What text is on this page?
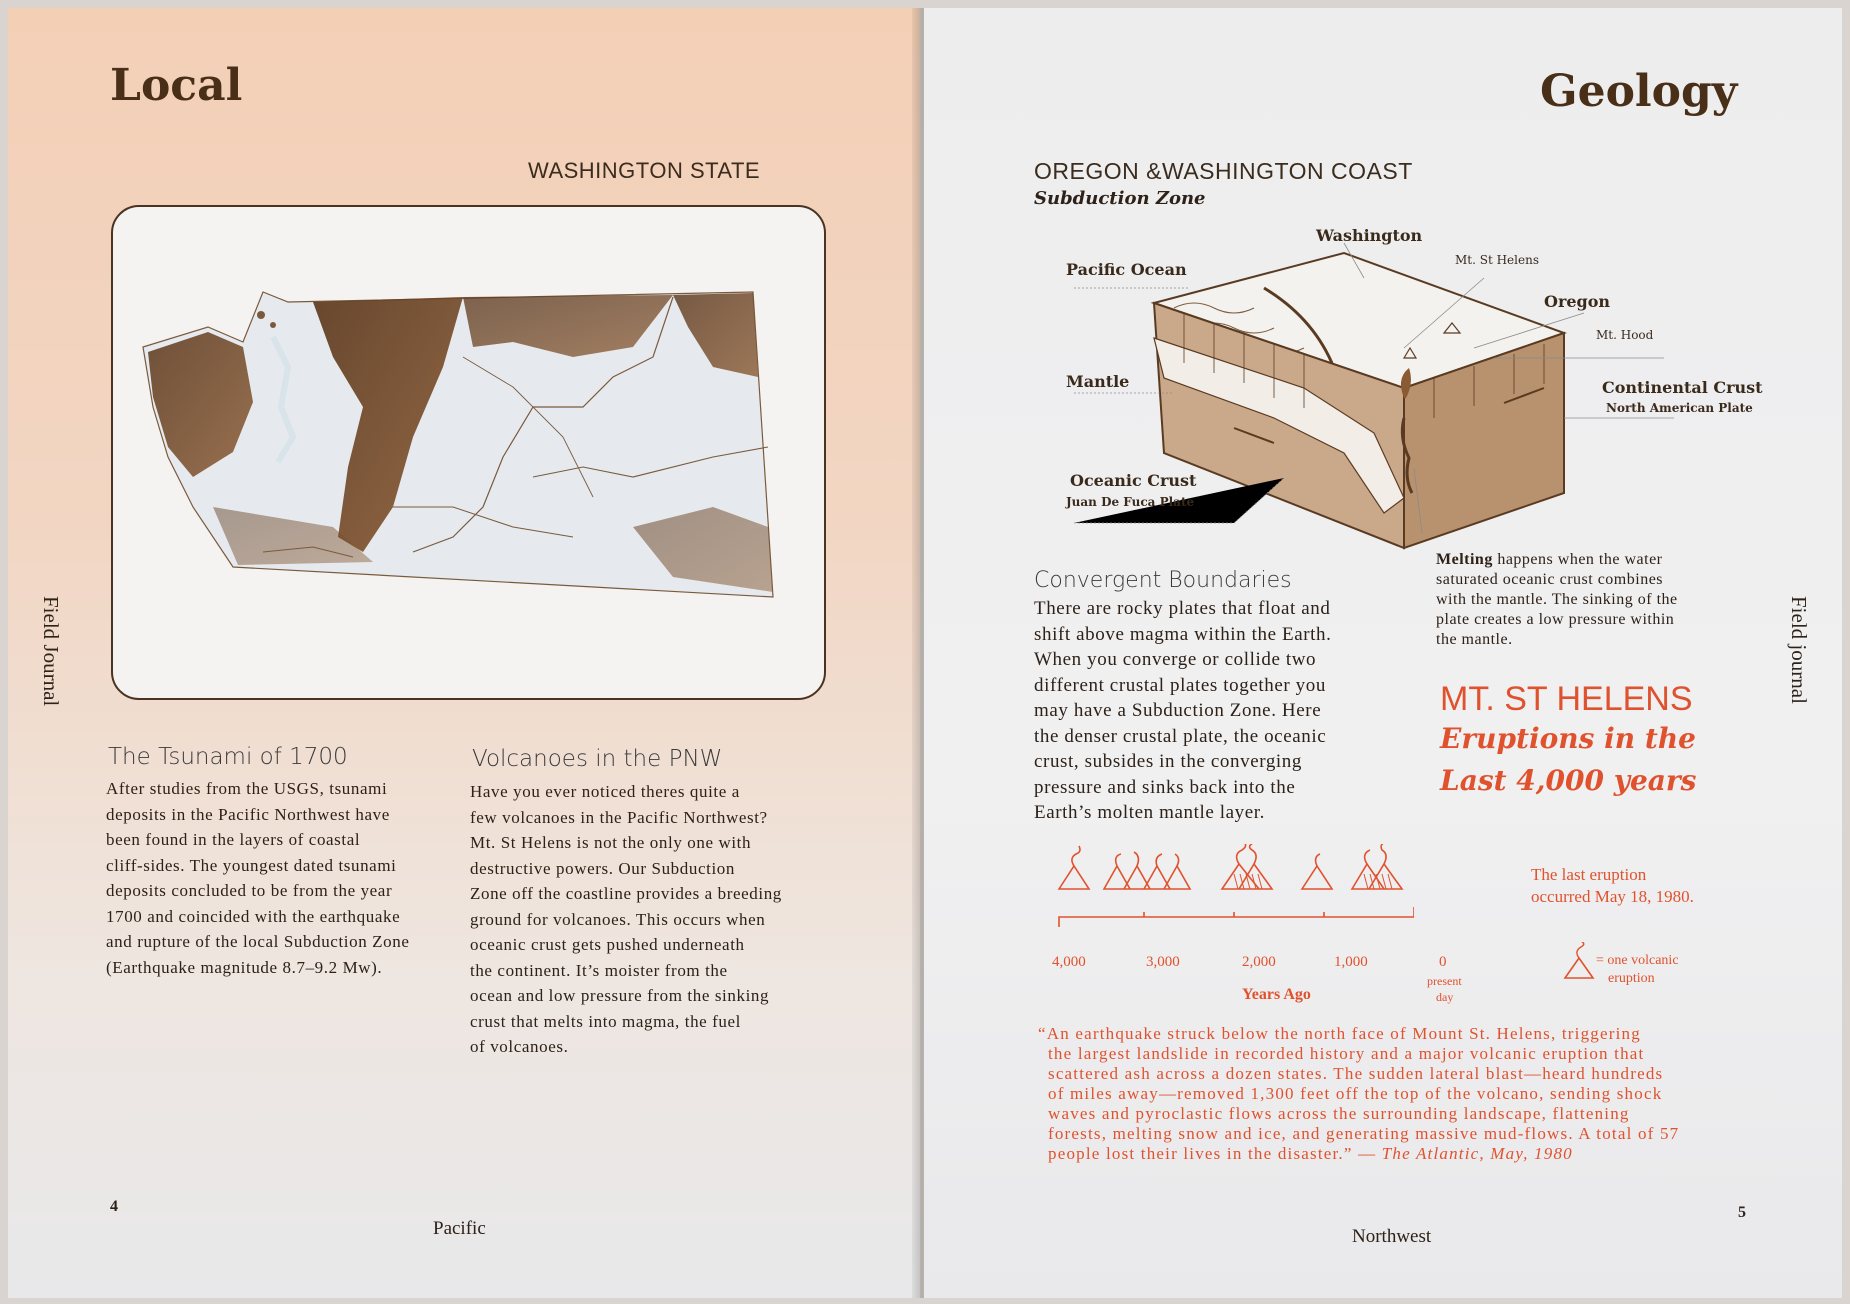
Local
WASHINGTON STATE
Field Journal
The Tsunami of 1700
After studies from the USGS, tsunami
deposits in the Pacific Northwest have
been found in the layers of coastal
cliff-sides. The youngest dated tsunami
deposits concluded to be from the year
1700 and coincided with the earthquake
and rupture of the local Subduction Zone
(Earthquake magnitude 8.7–9.2 Mw).
Volcanoes in the PNW
Have you ever noticed theres quite a
few volcanoes in the Pacific Northwest?
Mt. St Helens is not the only one with
destructive powers. Our Subduction
Zone off the coastline provides a breeding
ground for volcanoes. This occurs when
oceanic crust gets pushed underneath
the continent. It’s moister from the
ocean and low pressure from the sinking
crust that melts into magma, the fuel
of volcanoes.
4
Pacific
Geology
OREGON &WASHINGTON COAST
Subduction Zone
Washington
Mt. St Helens
Pacific Ocean
Oregon
Mt. Hood
Mantle	Continental Crust
North American Plate
Oceanic Crust
Juan De Fuca Plate
Melting happens when the water
saturated oceanic crust combines
with the mantle. The sinking of the
plate creates a low pressure within
the mantle.
Convergent Boundaries
There are rocky plates that float and
shift above magma within the Earth.
When you converge or collide two
different crustal plates together you
may have a Subduction Zone. Here
the denser crustal plate, the oceanic
crust, subsides in the converging
pressure and sinks back into the
Earth’s molten mantle layer.
MT. ST HELENS
Eruptions in the
Last 4,000 years
4,000	3,000	2,000	1,000	0
present
day
Years Ago
The last eruption
occurred May 18, 1980.
= one volcanic
eruption
“An earthquake struck below the north face of Mount St. Helens, triggering
the largest landslide in recorded history and a major volcanic eruption that
scattered ash across a dozen states. The sudden lateral blast—heard hundreds
of miles away—removed 1,300 feet off the top of the volcano, sending shock
waves and pyroclastic flows across the surrounding landscape, flattening
forests, melting snow and ice, and generating massive mud-flows. A total of 57
people lost their lives in the disaster.” — The Atlantic, May, 1980
Field journal
Northwest
5
